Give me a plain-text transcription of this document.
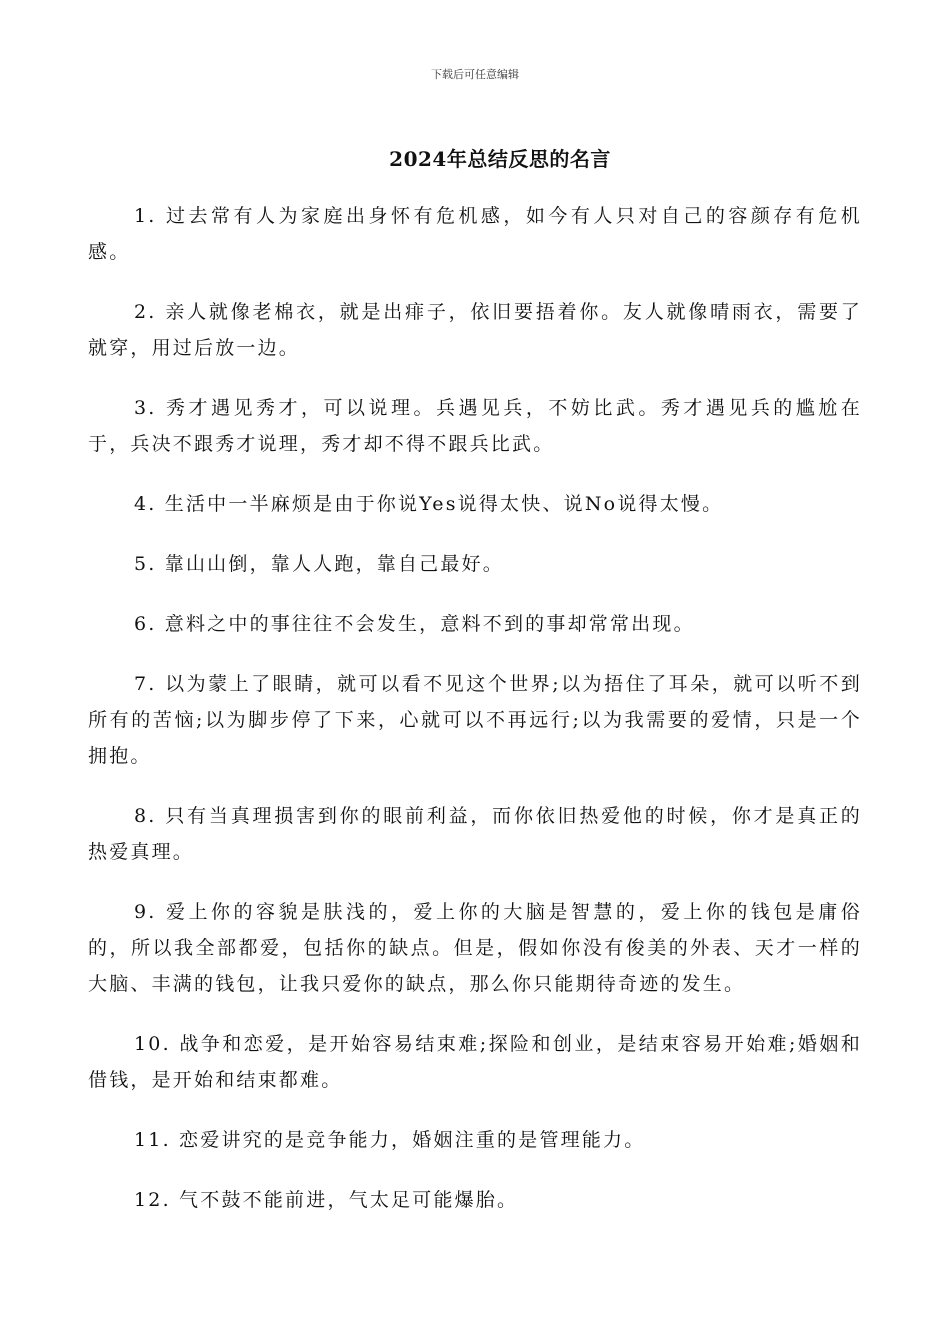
下载后可任意编辑
2024年总结反思的名言

1. 过去常有人为家庭出身怀有危机感，如今有人只对自己的容颜存有危机感。

2. 亲人就像老棉衣，就是出痱子，依旧要捂着你。友人就像晴雨衣，需要了就穿，用过后放一边。

3. 秀才遇见秀才，可以说理。兵遇见兵，不妨比武。秀才遇见兵的尴尬在于，兵决不跟秀才说理，秀才却不得不跟兵比武。

4. 生活中一半麻烦是由于你说Yes说得太快、说No说得太慢。

5. 靠山山倒，靠人人跑，靠自己最好。

6. 意料之中的事往往不会发生，意料不到的事却常常出现。

7. 以为蒙上了眼睛，就可以看不见这个世界;以为捂住了耳朵，就可以听不到所有的苦恼;以为脚步停了下来，心就可以不再远行;以为我需要的爱情，只是一个拥抱。

8. 只有当真理损害到你的眼前利益，而你依旧热爱他的时候，你才是真正的热爱真理。

9. 爱上你的容貌是肤浅的，爱上你的大脑是智慧的，爱上你的钱包是庸俗的，所以我全部都爱，包括你的缺点。但是，假如你没有俊美的外表、天才一样的大脑、丰满的钱包，让我只爱你的缺点，那么你只能期待奇迹的发生。

10. 战争和恋爱，是开始容易结束难;探险和创业，是结束容易开始难;婚姻和借钱，是开始和结束都难。

11. 恋爱讲究的是竞争能力，婚姻注重的是管理能力。

12. 气不鼓不能前进，气太足可能爆胎。
